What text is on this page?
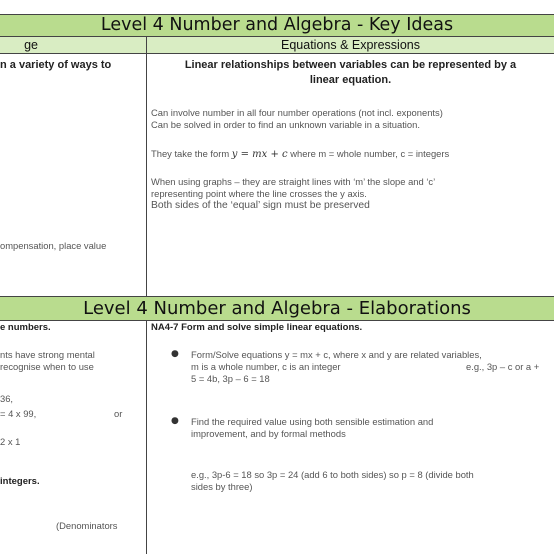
Level 4 Number and Algebra - Key Ideas
ge	Equations & Expressions
n a variety of ways to
ompensation, place value
Linear relationships between variables can be represented by a
linear equation.
Can involve number in all four number operations (not incl. exponents)
Can be solved in order to find an unknown variable in a situation.
They take the form y = mx + c where m = whole number, c = integers
When using graphs – they are straight lines with ‘m’ the slope and ‘c’
representing point where the line crosses the y axis.
Both sides of the ‘equal’ sign must be preserved
Level 4 Number and Algebra - Elaborations
e numbers.
nts have strong mental
recognise when to use
36,
= 4 x 99,	or
2 x 1
integers.
(Denominators
NA4-7 Form and solve simple linear equations.
● Form/Solve equations y = mx + c, where x and y are related variables,
m is a whole number, c is an integer	e.g., 3p – c or a +
5 = 4b, 3p – 6 = 18
● Find the required value using both sensible estimation and
improvement, and by formal methods
e.g., 3p-6 = 18 so 3p = 24 (add 6 to both sides) so p = 8 (divide both
sides by three)
